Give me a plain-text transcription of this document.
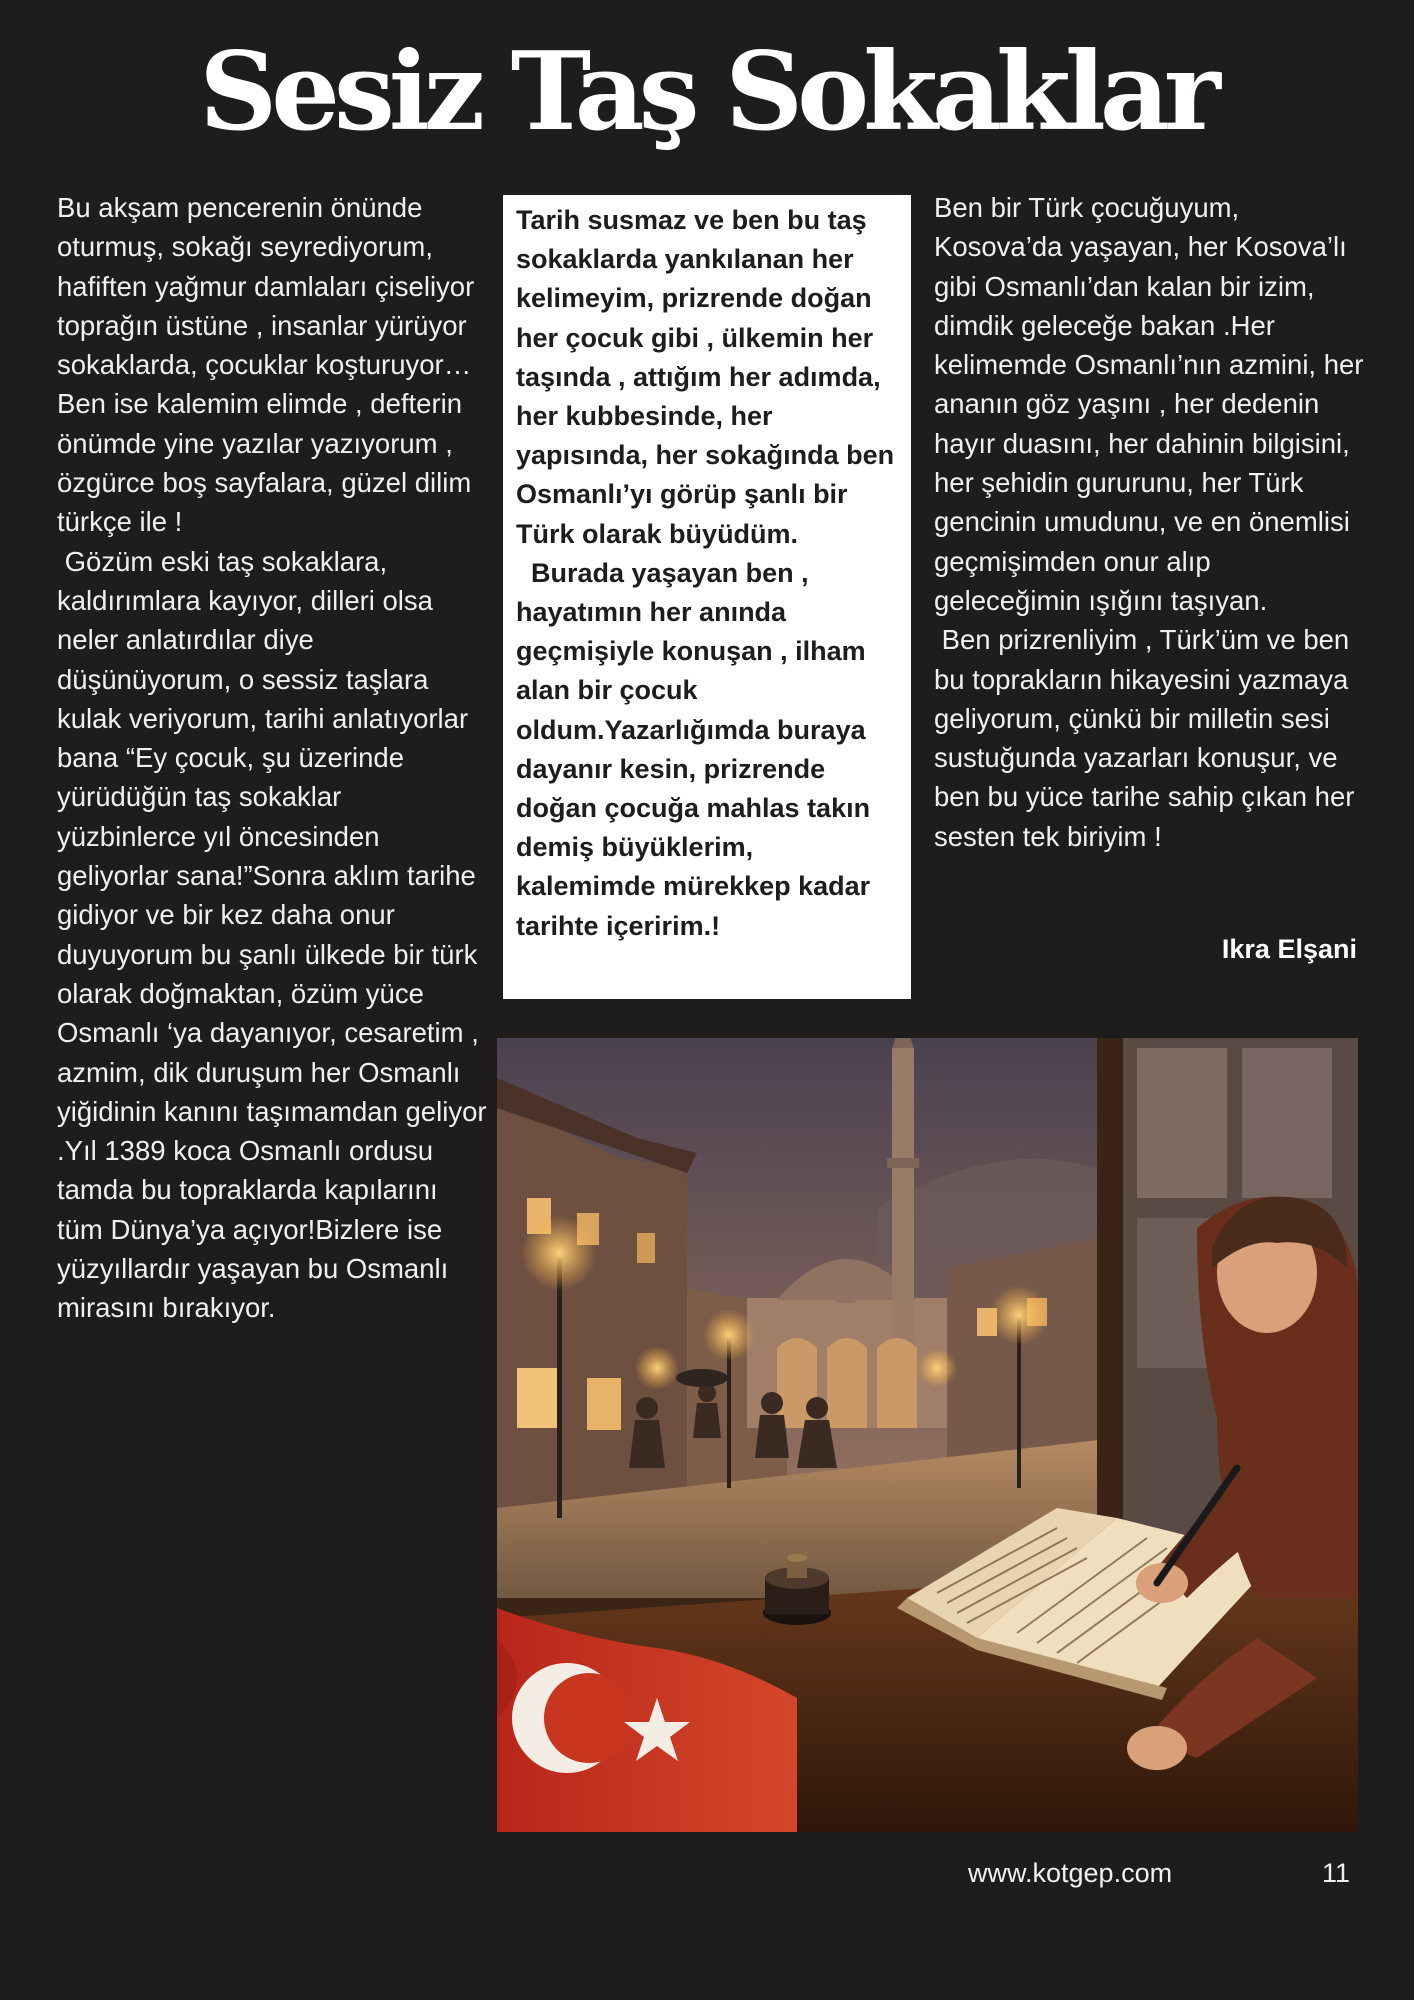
Sesiz Taş Sokaklar

Bu akşam pencerenin önünde oturmuş, sokağı seyrediyorum, hafiften yağmur damlaları çiseliyor toprağın üstüne , insanlar yürüyor sokaklarda, çocuklar koşturuyor…Ben ise kalemim elimde , defterin önümde yine yazılar yazıyorum , özgürce boş sayfalara, güzel dilim türkçe ile !

Gözüm eski taş sokaklara, kaldırımlara kayıyor, dilleri olsa neler anlatırdılar diye düşünüyorum, o sessiz taşlara kulak veriyorum, tarihi anlatıyorlar bana “Ey çocuk, şu üzerinde yürüdüğün taş sokaklar yüzbinlerce yıl öncesinden geliyorlar sana!”Sonra aklım tarihe gidiyor ve bir kez daha onur duyuyorum bu şanlı ülkede bir türk olarak doğmaktan, özüm yüce Osmanlı ‘ya dayanıyor, cesaretim , azmim, dik duruşum her Osmanlı yiğidinin kanını taşımamdan geliyor .Yıl 1389 koca Osmanlı ordusu tamda bu topraklarda kapılarını tüm Dünya’ya açıyor!Bizlere ise yüzyıllardır yaşayan bu Osmanlı mirasını bırakıyor.

Tarih susmaz ve ben bu taş sokaklarda yankılanan her kelimeyim, prizrende doğan her çocuk gibi , ülkemin her taşında , attığım her adımda, her kubbesinde, her yapısında, her sokağında ben Osmanlı’yı görüp şanlı bir Türk olarak büyüdüm.

Burada yaşayan ben , hayatımın her anında geçmişiyle konuşan , ilham alan bir çocuk oldum.Yazarlığımda buraya dayanır kesin, prizrende doğan çocuğa mahlas takın demiş büyüklerim, kalemimde mürekkep kadar tarihte içeririm.!

Ben bir Türk çocuğuyum, Kosova’da yaşayan, her Kosova’lı gibi Osmanlı’dan kalan bir izim, dimdik geleceğe bakan .Her kelimemde Osmanlı’nın azmini, her ananın göz yaşını , her dedenin hayır duasını, her dahinin bilgisini, her şehidin gururunu, her Türk gencinin umudunu, ve en önemlisi geçmişimden onur alıp geleceğimin ışığını taşıyan.

Ben prizrenliyim , Türk’üm ve ben bu toprakların hikayesini yazmaya geliyorum, çünkü bir milletin sesi sustuğunda yazarları konuşur, ve ben bu yüce tarihe sahip çıkan her sesten tek biriyim !

Ikra Elşani
www.kotgep.com	11
